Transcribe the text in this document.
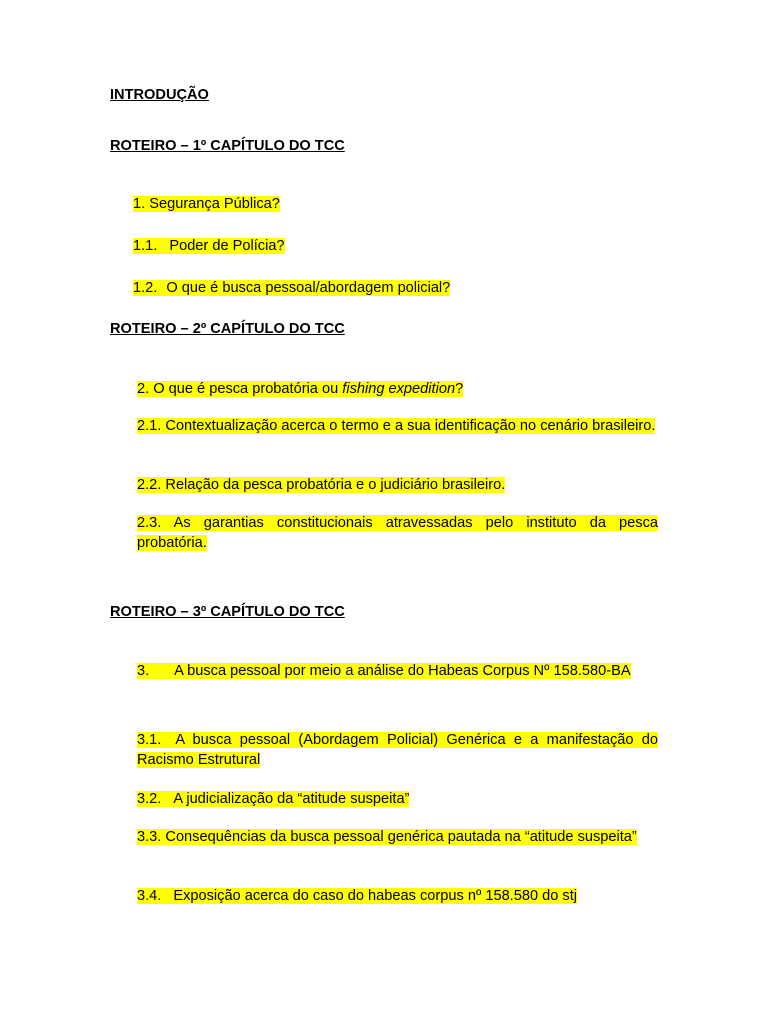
INTRODUÇÃO
ROTEIRO – 1º CAPÍTULO DO TCC
1. Segurança Pública?
1.1. Poder de Polícia?
1.2. O que é busca pessoal/abordagem policial?
ROTEIRO – 2º CAPÍTULO DO TCC
2. O que é pesca probatória ou fishing expedition?
2.1. Contextualização acerca o termo e a sua identificação no cenário brasileiro.
2.2. Relação da pesca probatória e o judiciário brasileiro.
2.3. As garantias constitucionais atravessadas pelo instituto da pesca probatória.
ROTEIRO – 3º CAPÍTULO DO TCC
3. A busca pessoal por meio a análise do Habeas Corpus Nº 158.580-BA
3.1. A busca pessoal (Abordagem Policial) Genérica e a manifestação do Racismo Estrutural
3.2. A judicialização da “atitude suspeita”
3.3. Consequências da busca pessoal genérica pautada na “atitude suspeita”
3.4. Exposição acerca do caso do habeas corpus nº 158.580 do stj
